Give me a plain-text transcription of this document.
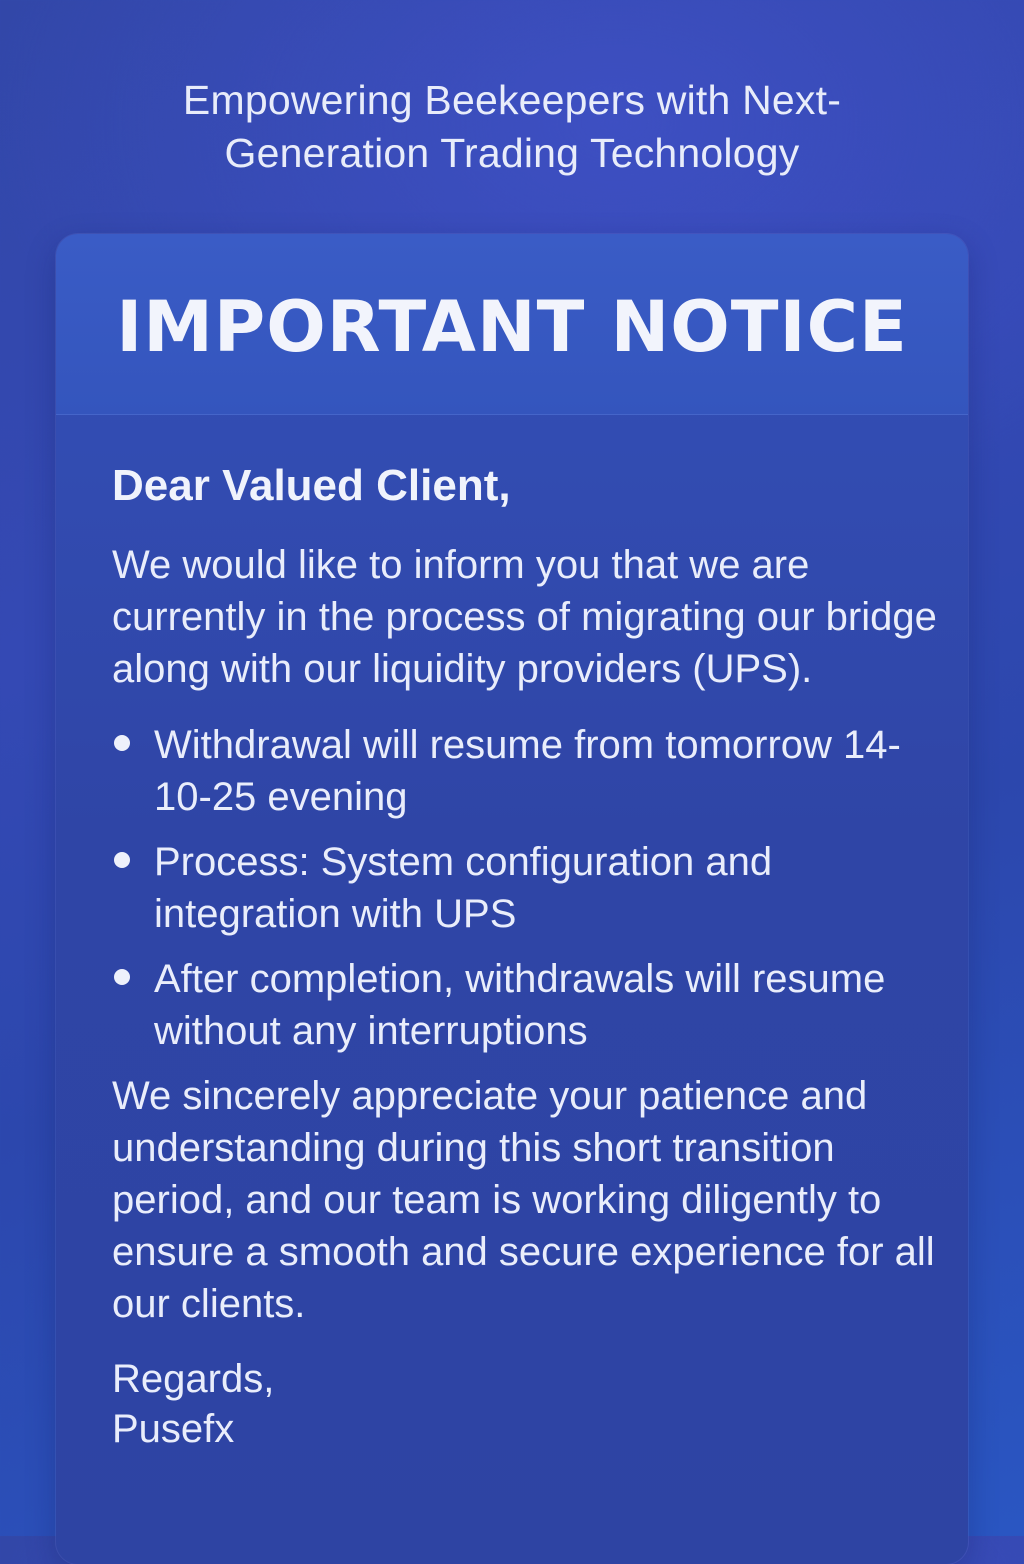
Empowering Beekeepers with Next-Generation Trading Technology
IMPORTANT NOTICE

Dear Valued Client,

We would like to inform you that we are currently in the process of migrating our bridge along with our liquidity providers (UPS).

Withdrawal will resume from tomorrow 14-10-25 evening
Process: System configuration and integration with UPS
After completion, withdrawals will resume without any interruptions

We sincerely appreciate your patience and understanding during this short transition period, and our team is working diligently to ensure a smooth and secure experience for all our clients.

Regards,
Pusefx
